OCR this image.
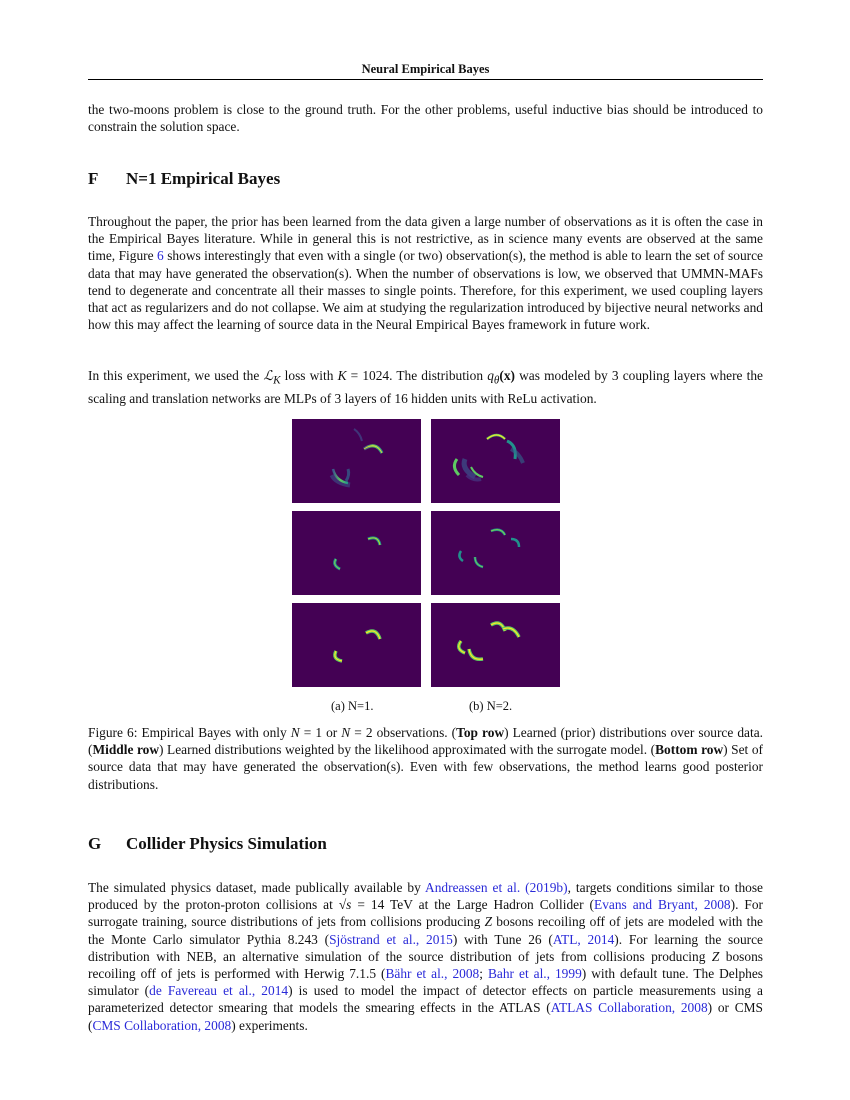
Neural Empirical Bayes
the two-moons problem is close to the ground truth. For the other problems, useful inductive bias should be introduced to constrain the solution space.
F N=1 Empirical Bayes
Throughout the paper, the prior has been learned from the data given a large number of observations as it is often the case in the Empirical Bayes literature. While in general this is not restrictive, as in science many events are observed at the same time, Figure 6 shows interestingly that even with a single (or two) observation(s), the method is able to learn the set of source data that may have generated the observation(s). When the number of observations is low, we observed that UMMN-MAFs tend to degenerate and concentrate all their masses to single points. Therefore, for this experiment, we used coupling layers that act as regularizers and do not collapse. We aim at studying the regularization introduced by bijective neural networks and how this may affect the learning of source data in the Neural Empirical Bayes framework in future work.
In this experiment, we used the ℒ$_K$ loss with K = 1024. The distribution $q_\theta(x)$ was modeled by 3 coupling layers where the scaling and translation networks are MLPs of 3 layers of 16 hidden units with ReLu activation.
(a) N=1.	(b) N=2.
Figure 6: Empirical Bayes with only N = 1 or N = 2 observations. (Top row) Learned (prior) distributions over source data. (Middle row) Learned distributions weighted by the likelihood approximated with the surrogate model. (Bottom row) Set of source data that may have generated the observation(s). Even with few observations, the method learns good posterior distributions.
G Collider Physics Simulation
The simulated physics dataset, made publically available by Andreassen et al. (2019b), targets conditions similar to those produced by the proton-proton collisions at √s = 14 TeV at the Large Hadron Collider (Evans and Bryant, 2008). For surrogate training, source distributions of jets from collisions producing Z bosons recoiling off of jets are modeled with the the Monte Carlo simulator Pythia 8.243 (Sjöstrand et al., 2015) with Tune 26 (ATL, 2014). For learning the source distribution with NEB, an alternative simulation of the source distribution of jets from collisions producing Z bosons recoiling off of jets is performed with Herwig 7.1.5 (Bähr et al., 2008; Bahr et al., 1999) with default tune. The Delphes simulator (de Favereau et al., 2014) is used to model the impact of detector effects on particle measurements using a parameterized detector smearing that models the smearing effects in the ATLAS (ATLAS Collaboration, 2008) or CMS (CMS Collaboration, 2008) experiments.
